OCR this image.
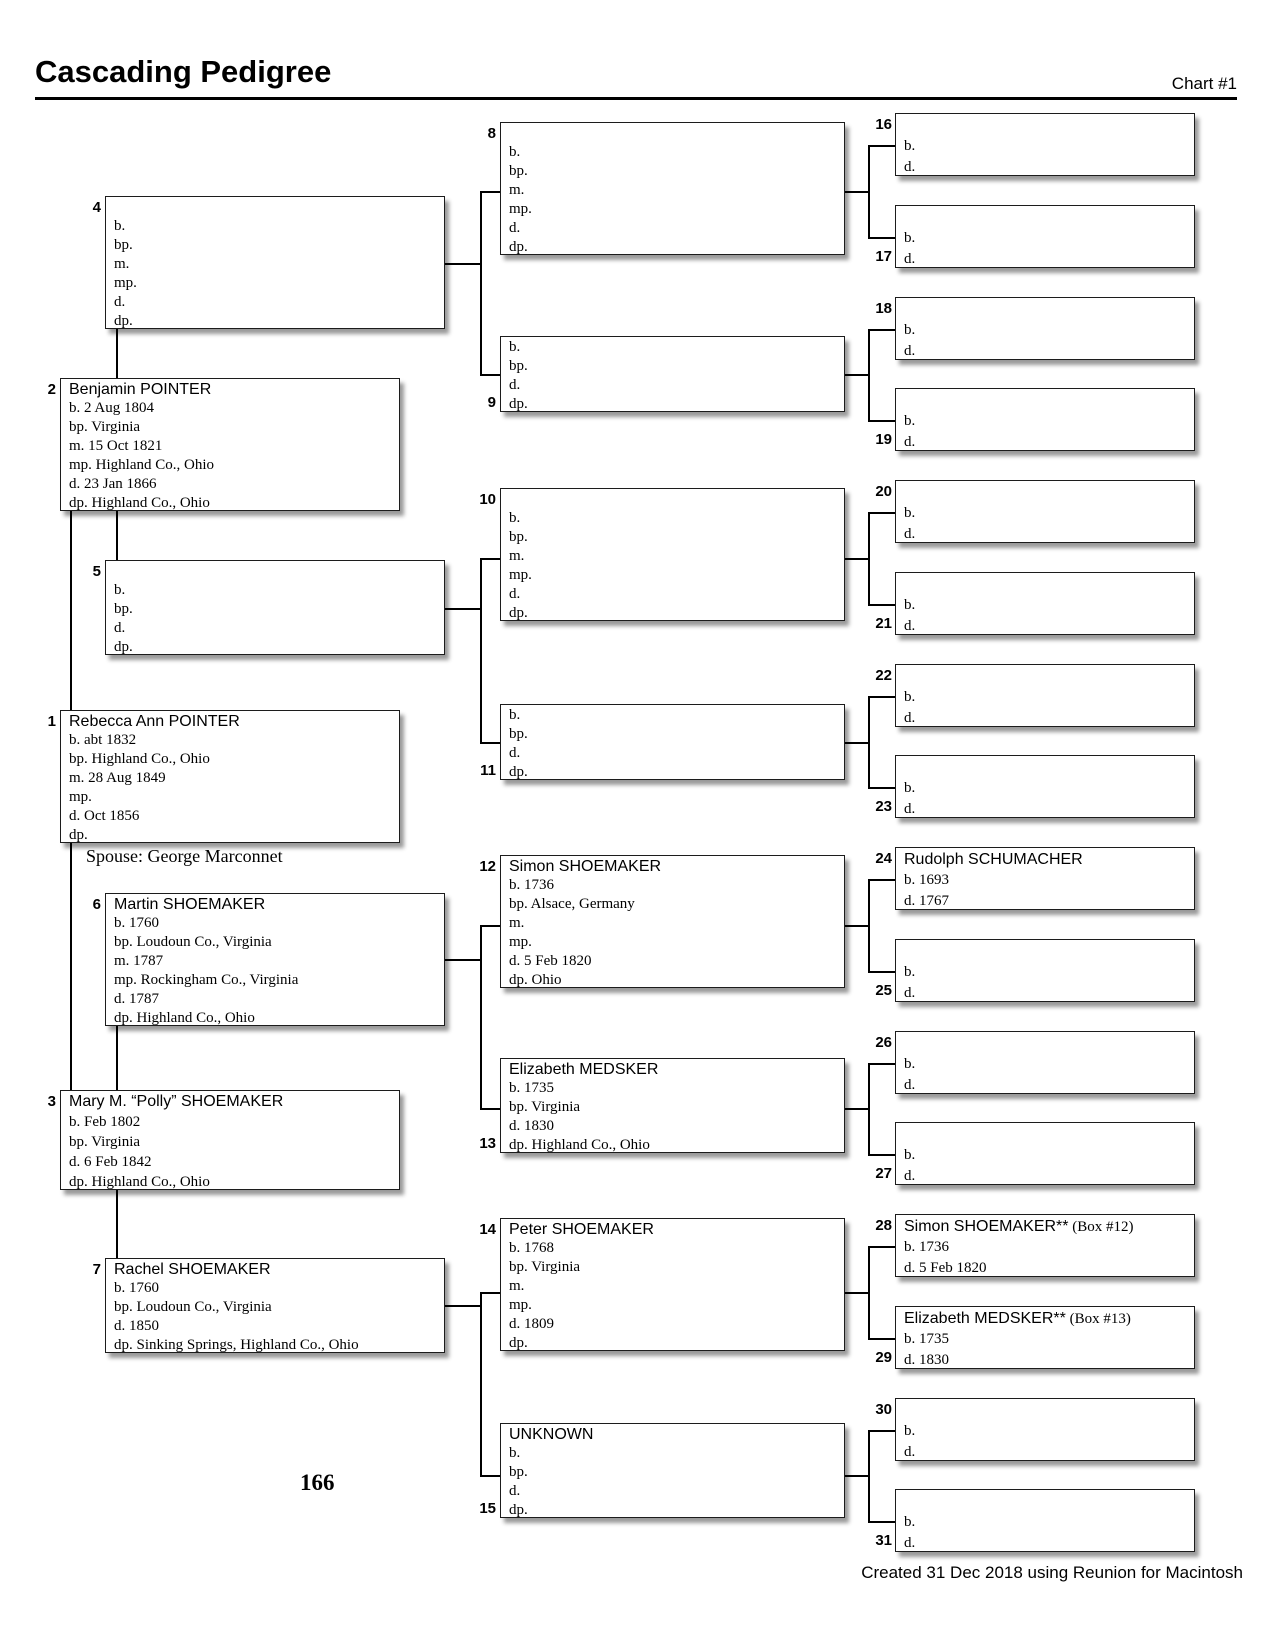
Cascading Pedigree	Chart #1
Benjamin POINTER
b. 2 Aug 1804
bp. Virginia
m. 15 Oct 1821
mp. Highland Co., Ohio
d. 23 Jan 1866
dp. Highland Co., Ohio
2
Rebecca Ann POINTER
b. abt 1832
bp. Highland Co., Ohio
m. 28 Aug 1849
mp.
d. Oct 1856
dp.
1
Spouse: George Marconnet
Mary M. “Polly” SHOEMAKER
b. Feb 1802
bp. Virginia
d. 6 Feb 1842
dp. Highland Co., Ohio
3
b.
bp.
m.
mp.
d.
dp.
4
b.
bp.
d.
dp.
5
Martin SHOEMAKER
b. 1760
bp. Loudoun Co., Virginia
m. 1787
mp. Rockingham Co., Virginia
d. 1787
dp. Highland Co., Ohio
6
Rachel SHOEMAKER
b. 1760
bp. Loudoun Co., Virginia
d. 1850
dp. Sinking Springs, Highland Co., Ohio
7
b.
bp.
m.
mp.
d.
dp.
8
b.
bp.
d.
dp.
9
b.
bp.
m.
mp.
d.
dp.
10
b.
bp.
d.
dp.
11
Simon SHOEMAKER
b. 1736
bp. Alsace, Germany
m.
mp.
d. 5 Feb 1820
dp. Ohio
12
Elizabeth MEDSKER
b. 1735
bp. Virginia
d. 1830
dp. Highland Co., Ohio
13
Peter SHOEMAKER
b. 1768
bp. Virginia
m.
mp.
d. 1809
dp.
14
UNKNOWN
b.
bp.
d.
dp.
15
b.
d.
16
b.
d.
17
b.
d.
18
b.
d.
19
b.
d.
20
b.
d.
21
b.
d.
22
b.
d.
23
Rudolph SCHUMACHER
b. 1693
d. 1767
24
b.
d.
25
b.
d.
26
b.
d.
27
Simon SHOEMAKER** (Box #12)
b. 1736
d. 5 Feb 1820
28
Elizabeth MEDSKER** (Box #13)
b. 1735
d. 1830
29
b.
d.
30
b.
d.
31
166
Created 31 Dec 2018 using Reunion for Macintosh
